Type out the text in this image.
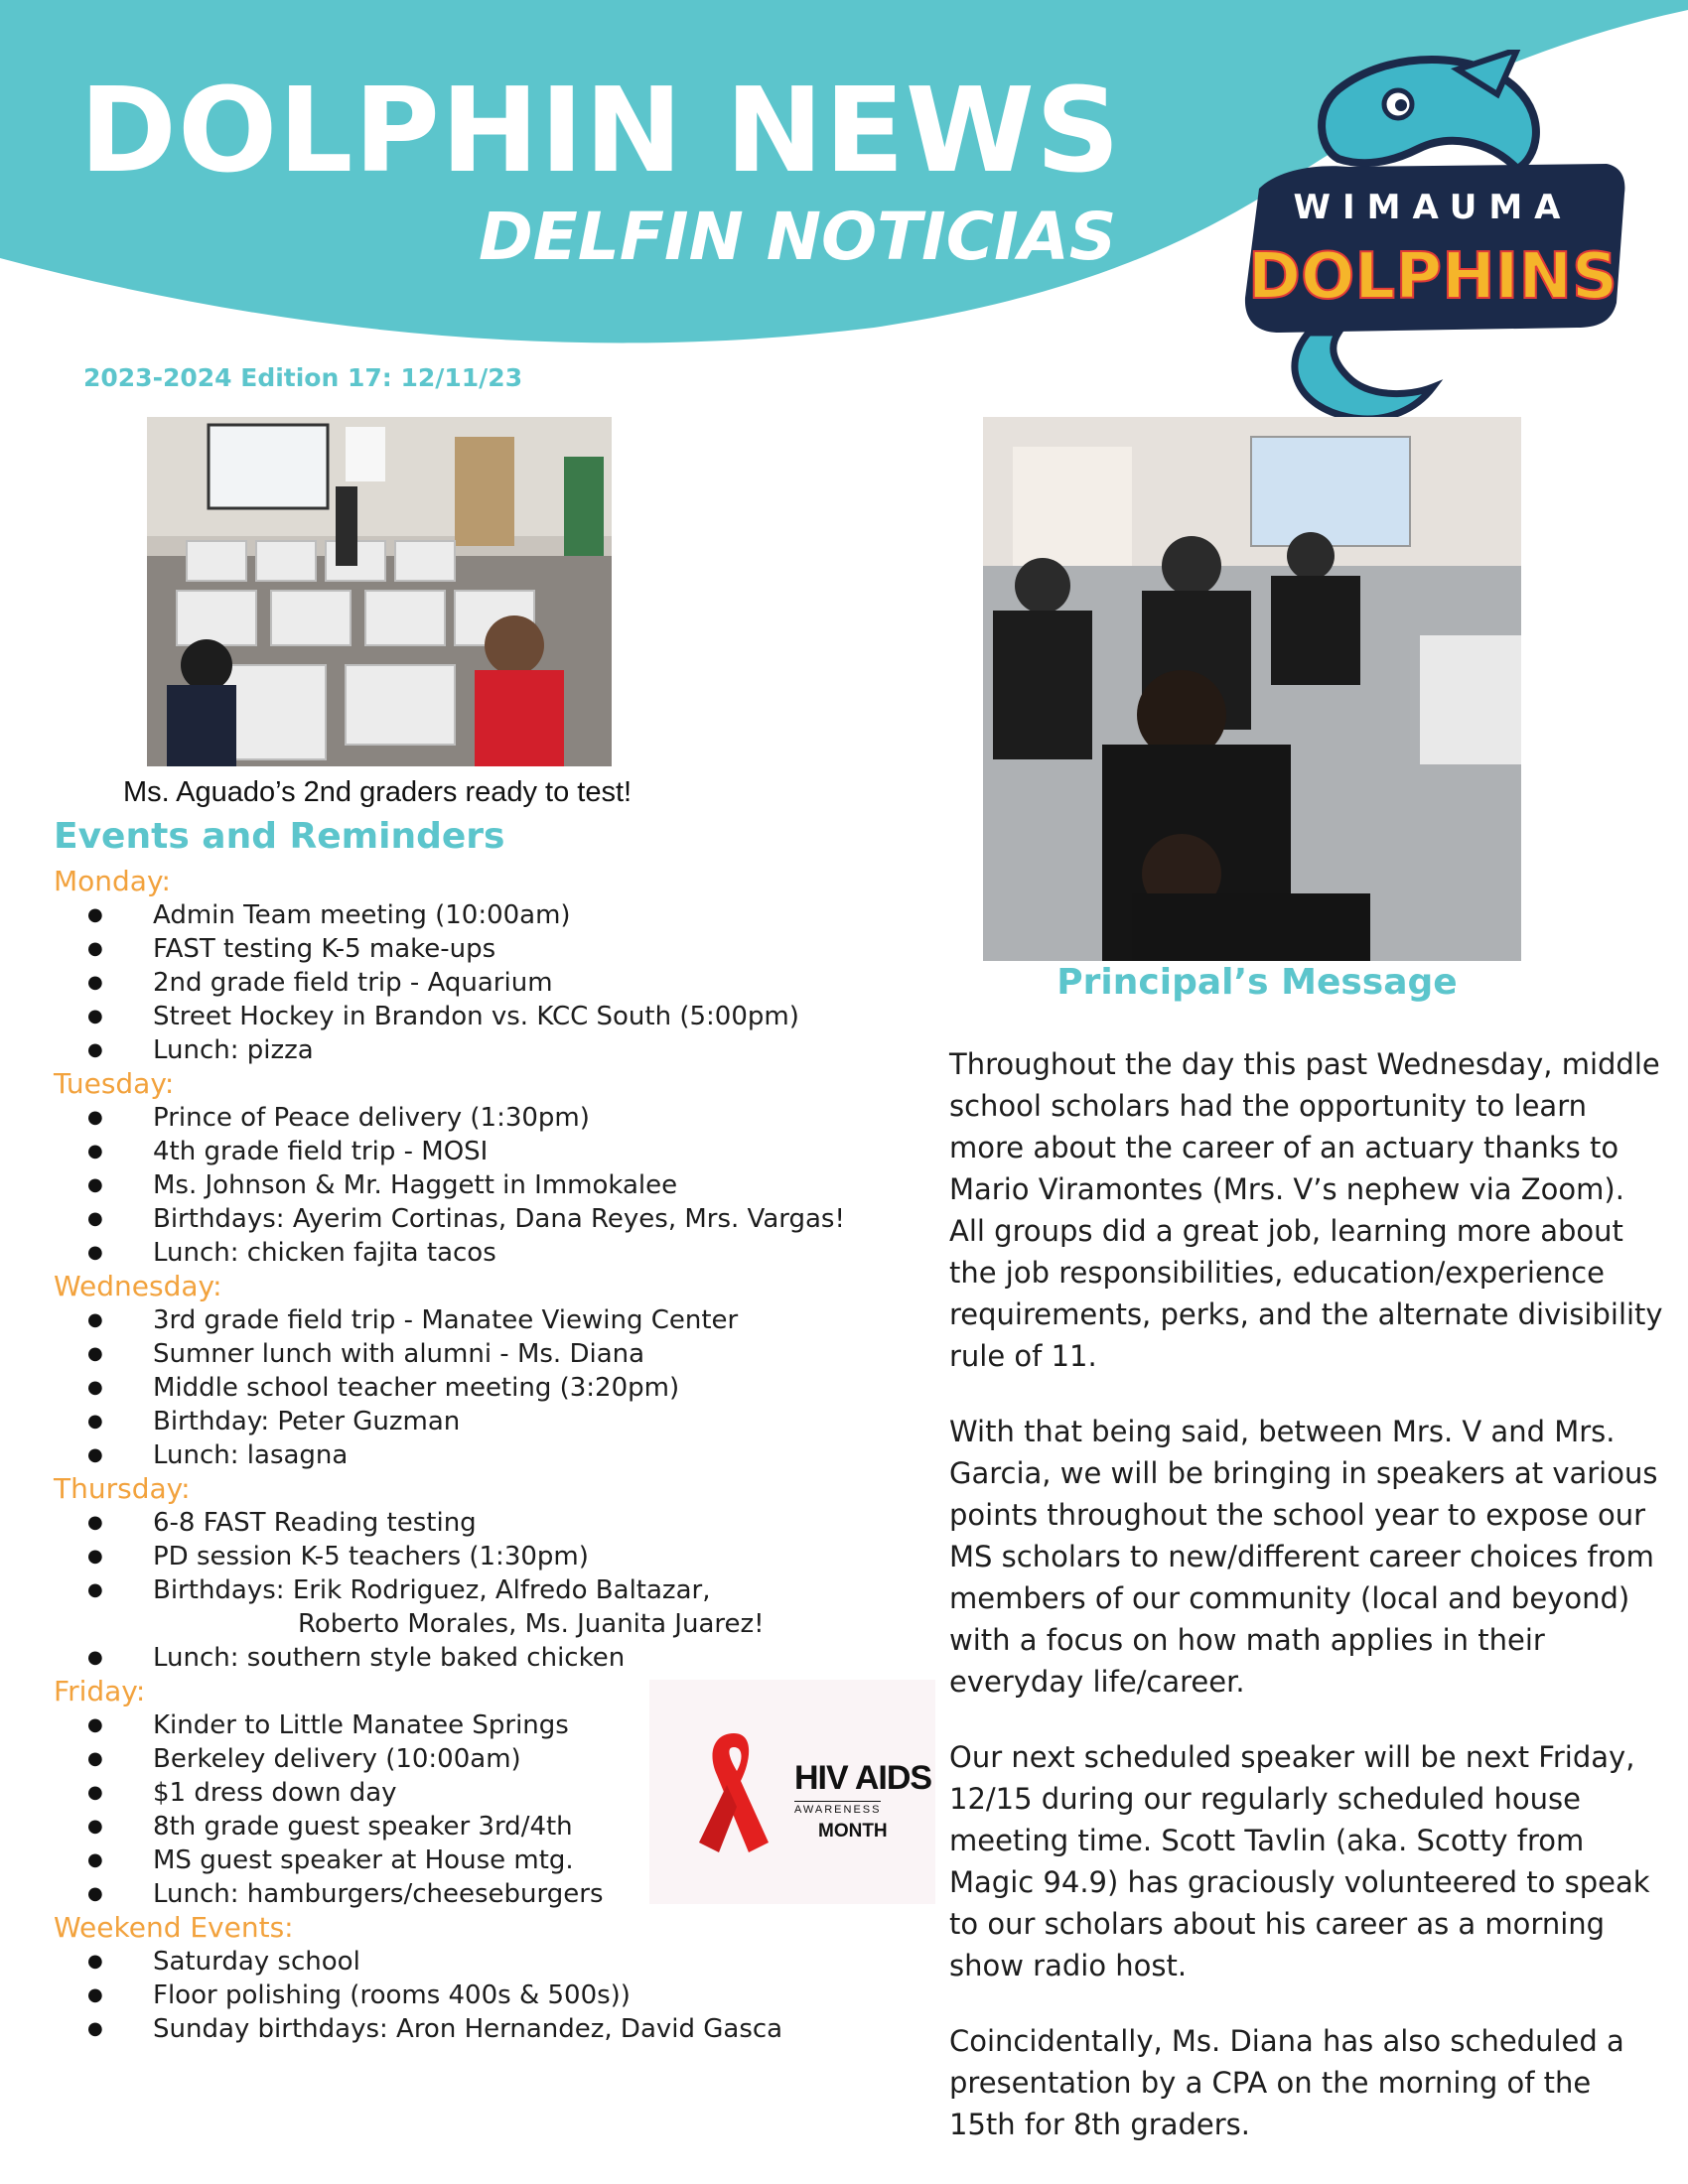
DOLPHIN NEWS
DELFIN NOTICIAS
2023-2024 Edition 17: 12/11/23
WIMAUMA
DOLPHINS
Ms. Aguado’s 2nd graders ready to test!
Events and Reminders
Monday:
● Admin Team meeting (10:00am)
● FAST testing K-5 make-ups
● 2nd grade field trip - Aquarium
● Street Hockey in Brandon vs. KCC South (5:00pm)
● Lunch: pizza
Tuesday:
● Prince of Peace delivery (1:30pm)
● 4th grade field trip - MOSI
● Ms. Johnson & Mr. Haggett in Immokalee
● Birthdays: Ayerim Cortinas, Dana Reyes, Mrs. Vargas!
● Lunch: chicken fajita tacos
Wednesday:
● 3rd grade field trip - Manatee Viewing Center
● Sumner lunch with alumni - Ms. Diana
● Middle school teacher meeting (3:20pm)
● Birthday: Peter Guzman
● Lunch: lasagna
Thursday:
● 6-8 FAST Reading testing
● PD session K-5 teachers (1:30pm)
● Birthdays: Erik Rodriguez, Alfredo Baltazar,
Roberto Morales, Ms. Juanita Juarez!
● Lunch: southern style baked chicken
Friday:
● Kinder to Little Manatee Springs
● Berkeley delivery (10:00am)
● $1 dress down day
● 8th grade guest speaker 3rd/4th
● MS guest speaker at House mtg.
● Lunch: hamburgers/cheeseburgers
Weekend Events:
● Saturday school
● Floor polishing (rooms 400s & 500s))
● Sunday birthdays: Aron Hernandez, David Gasca
HIV AIDS
AWARENESS
MONTH
Principal’s Message

Throughout the day this past Wednesday, middle school scholars had the opportunity to learn more about the career of an actuary thanks to Mario Viramontes (Mrs. V’s nephew via Zoom). All groups did a great job, learning more about the job responsibilities, education/experience requirements, perks, and the alternate divisibility rule of 11.

With that being said, between Mrs. V and Mrs. Garcia, we will be bringing in speakers at various points throughout the school year to expose our MS scholars to new/different career choices from members of our community (local and beyond) with a focus on how math applies in their everyday life/career.

Our next scheduled speaker will be next Friday, 12/15 during our regularly scheduled house meeting time. Scott Tavlin (aka. Scotty from Magic 94.9) has graciously volunteered to speak to our scholars about his career as a morning show radio host.

Coincidentally, Ms. Diana has also scheduled a presentation by a CPA on the morning of the 15th for 8th graders.
